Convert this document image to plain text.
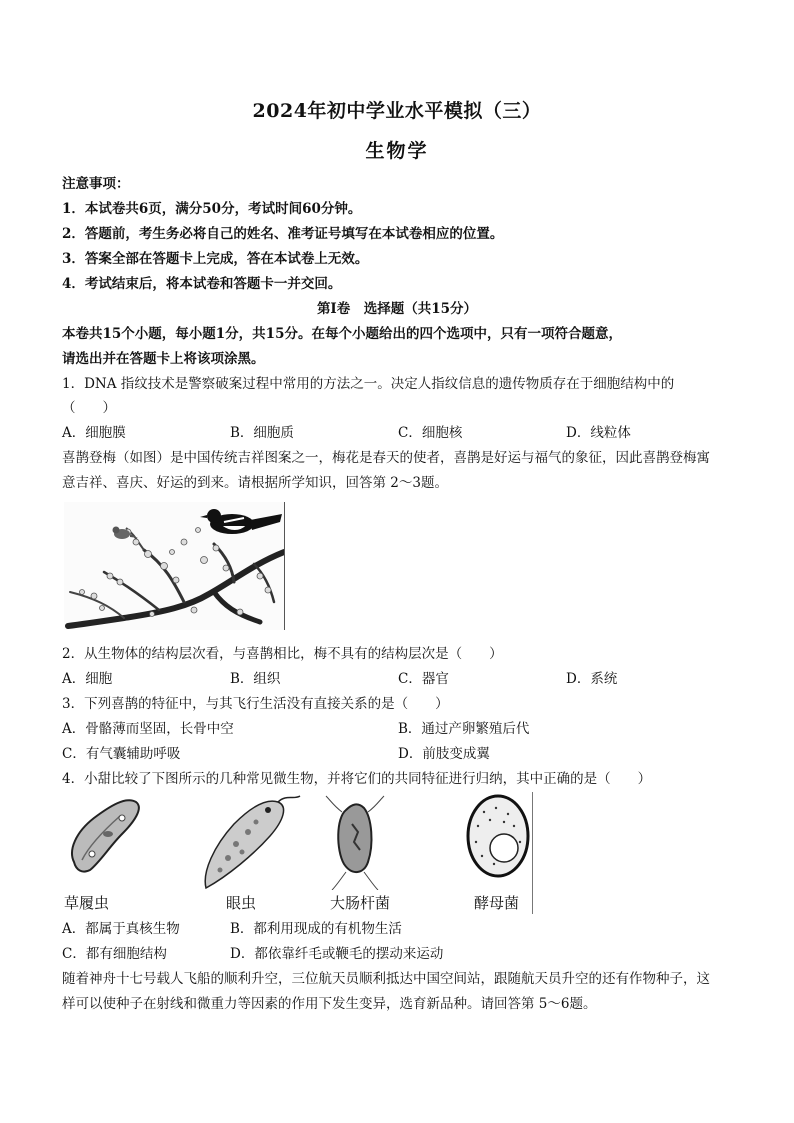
2024年初中学业水平模拟（三）
生物学
注意事项：
1．本试卷共6页，满分50分，考试时间60分钟。
2．答题前，考生务必将自己的姓名、准考证号填写在本试卷相应的位置。
3．答案全部在答题卡上完成，答在本试卷上无效。
4．考试结束后，将本试卷和答题卡一并交回。
第Ⅰ卷　选择题（共15分）
本卷共15个小题，每小题1分，共15分。在每个小题给出的四个选项中，只有一项符合题意，
请选出并在答题卡上将该项涂黑。
1．DNA 指纹技术是警察破案过程中常用的方法之一。决定人指纹信息的遗传物质存在于细胞结构中的
（　　）
A．细胞膜	B．细胞质	C．细胞核	D．线粒体
喜鹊登梅（如图）是中国传统吉祥图案之一，梅花是春天的使者，喜鹊是好运与福气的象征，因此喜鹊登梅寓
意吉祥、喜庆、好运的到来。请根据所学知识，回答第 2～3题。
2．从生物体的结构层次看，与喜鹊相比，梅不具有的结构层次是（　　）
A．细胞	B．组织	C．器官	D．系统
3．下列喜鹊的特征中，与其飞行生活没有直接关系的是（　　）
A．骨骼薄而坚固，长骨中空	B．通过产卵繁殖后代
C．有气囊辅助呼吸	D．前肢变成翼
4．小甜比较了下图所示的几种常见微生物，并将它们的共同特征进行归纳，其中正确的是（　　）
草履虫	眼虫	大肠杆菌	酵母菌
A．都属于真核生物	B．都利用现成的有机物生活
C．都有细胞结构	D．都依靠纤毛或鞭毛的摆动来运动
随着神舟十七号载人飞船的顺利升空，三位航天员顺利抵达中国空间站，跟随航天员升空的还有作物种子，这
样可以使种子在射线和微重力等因素的作用下发生变异，选育新品种。请回答第 5～6题。
